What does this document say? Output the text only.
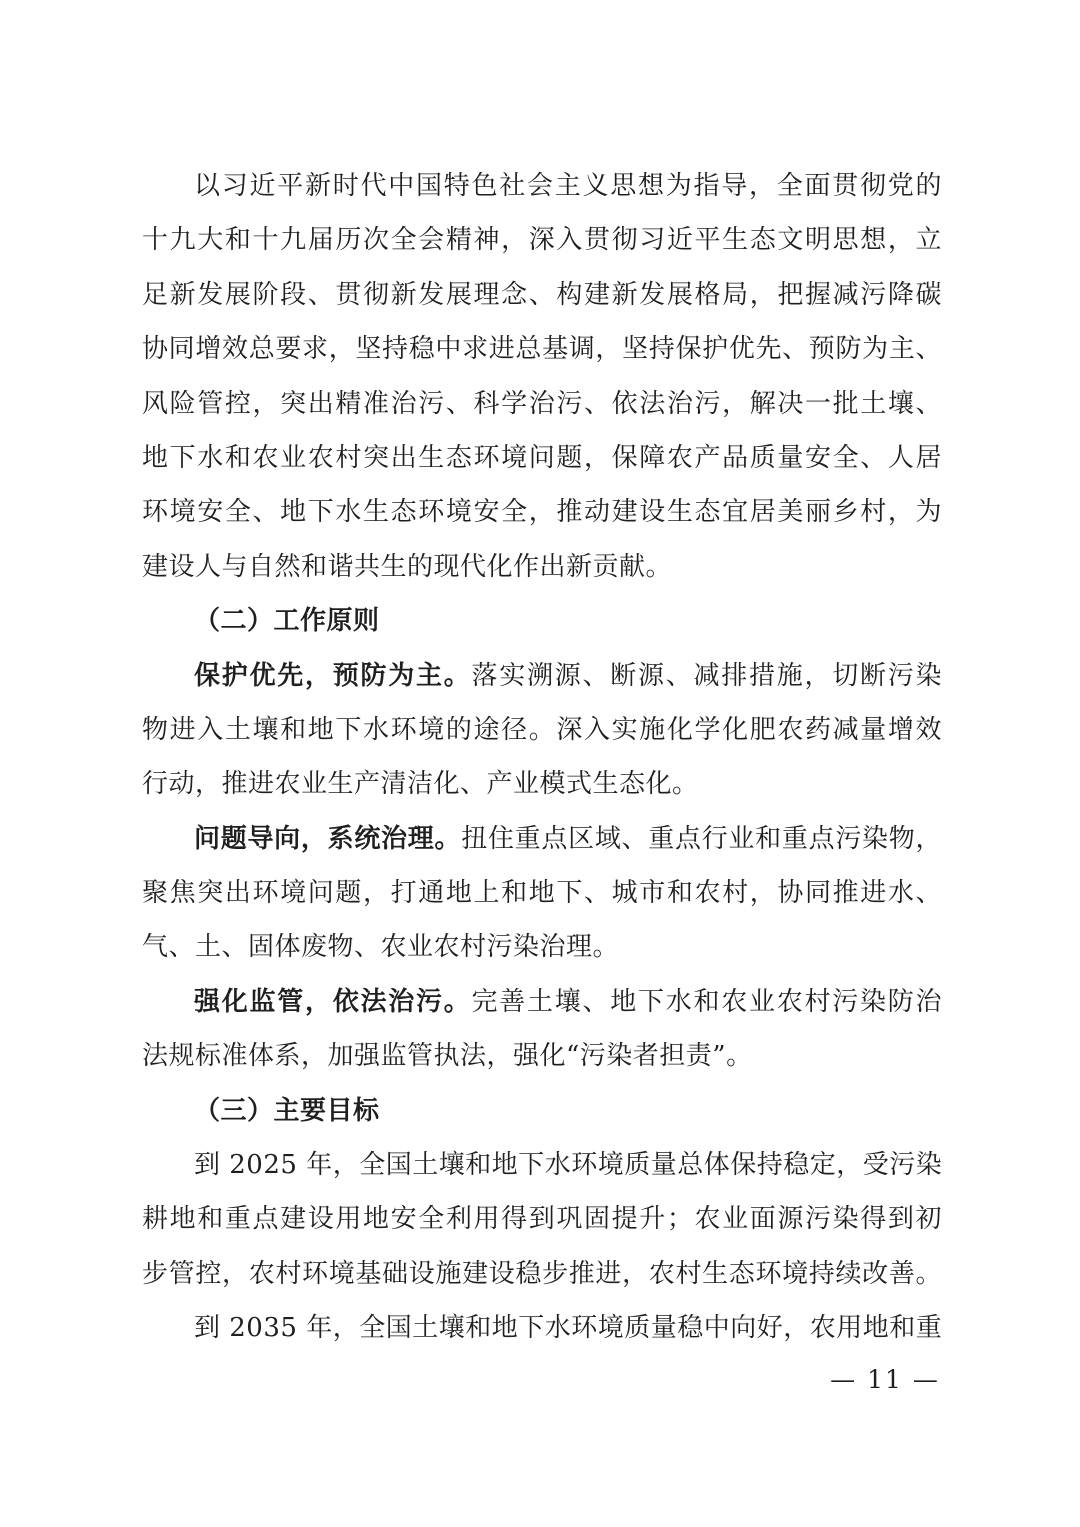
以习近平新时代中国特色社会主义思想为指导，全面贯彻党的
十九大和十九届历次全会精神，深入贯彻习近平生态文明思想，立
足新发展阶段、贯彻新发展理念、构建新发展格局，把握减污降碳
协同增效总要求，坚持稳中求进总基调，坚持保护优先、预防为主、
风险管控，突出精准治污、科学治污、依法治污，解决一批土壤、
地下水和农业农村突出生态环境问题，保障农产品质量安全、人居
环境安全、地下水生态环境安全，推动建设生态宜居美丽乡村，为
建设人与自然和谐共生的现代化作出新贡献。
（二）工作原则
保护优先，预防为主。落实溯源、断源、减排措施，切断污染
物进入土壤和地下水环境的途径。深入实施化学化肥农药减量增效
行动，推进农业生产清洁化、产业模式生态化。
问题导向，系统治理。扭住重点区域、重点行业和重点污染物，
聚焦突出环境问题，打通地上和地下、城市和农村，协同推进水、
气、土、固体废物、农业农村污染治理。
强化监管，依法治污。完善土壤、地下水和农业农村污染防治
法规标准体系，加强监管执法，强化“污染者担责”。
（三）主要目标
到 2025 年，全国土壤和地下水环境质量总体保持稳定，受污染
耕地和重点建设用地安全利用得到巩固提升；农业面源污染得到初
步管控，农村环境基础设施建设稳步推进，农村生态环境持续改善。
到 2035 年，全国土壤和地下水环境质量稳中向好，农用地和重
— 11 —
